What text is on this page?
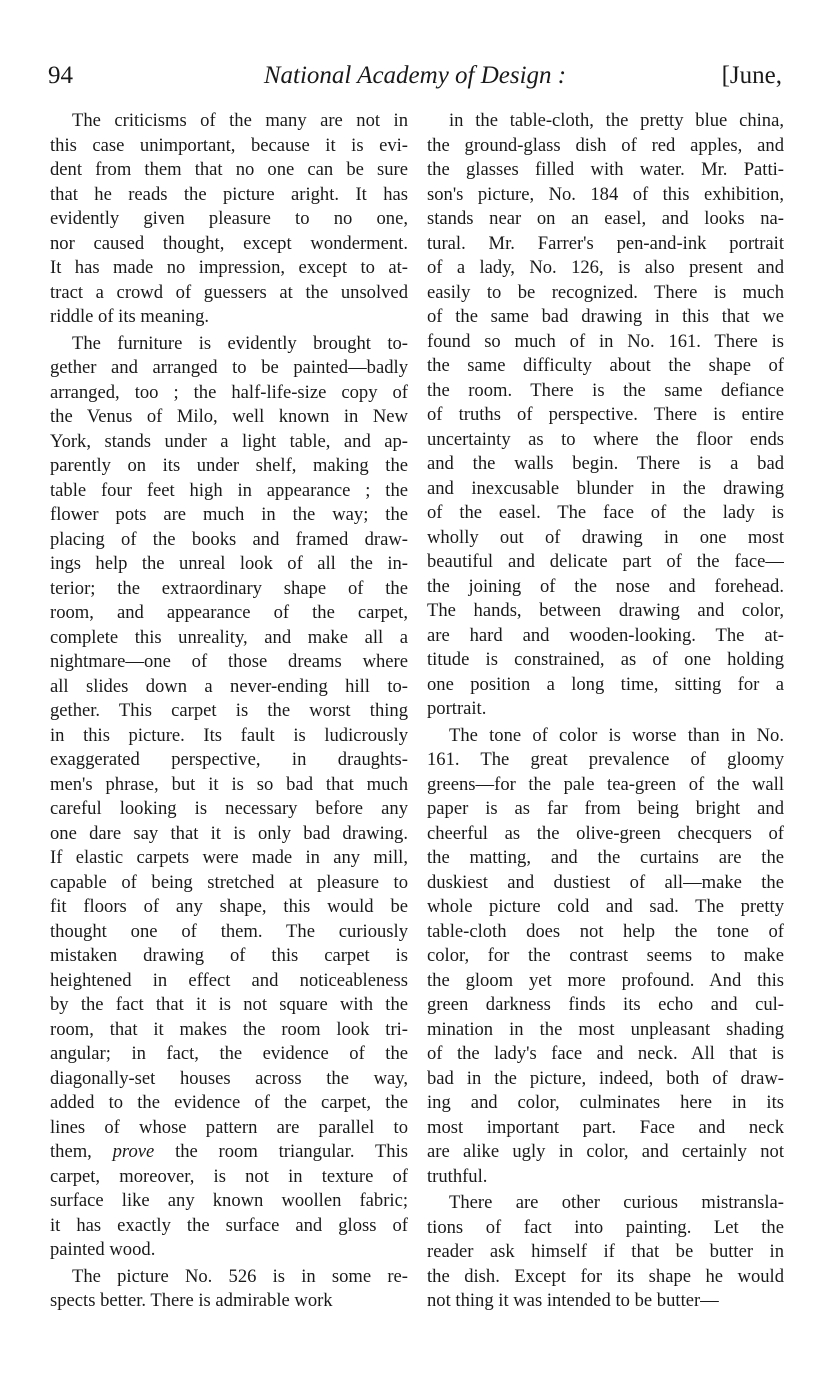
94	National Academy of Design :	[June,
The criticisms of the many are not in
this case unimportant, because it is evi-
dent from them that no one can be sure
that he reads the picture aright. It has
evidently given pleasure to no one,
nor caused thought, except wonderment.
It has made no impression, except to at-
tract a crowd of guessers at the unsolved
riddle of its meaning.
The furniture is evidently brought to-
gether and arranged to be painted—badly
arranged, too ; the half-life-size copy of
the Venus of Milo, well known in New
York, stands under a light table, and ap-
parently on its under shelf, making the
table four feet high in appearance ; the
flower pots are much in the way; the
placing of the books and framed draw-
ings help the unreal look of all the in-
terior; the extraordinary shape of the
room, and appearance of the carpet,
complete this unreality, and make all a
nightmare—one of those dreams where
all slides down a never-ending hill to-
gether. This carpet is the worst thing
in this picture. Its fault is ludicrously
exaggerated perspective, in draughts-
men's phrase, but it is so bad that much
careful looking is necessary before any
one dare say that it is only bad drawing.
If elastic carpets were made in any mill,
capable of being stretched at pleasure to
fit floors of any shape, this would be
thought one of them. The curiously
mistaken drawing of this carpet is
heightened in effect and noticeableness
by the fact that it is not square with the
room, that it makes the room look tri-
angular; in fact, the evidence of the
diagonally-set houses across the way,
added to the evidence of the carpet, the
lines of whose pattern are parallel to
them, prove the room triangular. This
carpet, moreover, is not in texture of
surface like any known woollen fabric;
it has exactly the surface and gloss of
painted wood.
The picture No. 526 is in some re-
spects better. There is admirable work
in the table-cloth, the pretty blue china,
the ground-glass dish of red apples, and
the glasses filled with water. Mr. Patti-
son's picture, No. 184 of this exhibition,
stands near on an easel, and looks na-
tural. Mr. Farrer's pen-and-ink portrait
of a lady, No. 126, is also present and
easily to be recognized. There is much
of the same bad drawing in this that we
found so much of in No. 161. There is
the same difficulty about the shape of
the room. There is the same defiance
of truths of perspective. There is entire
uncertainty as to where the floor ends
and the walls begin. There is a bad
and inexcusable blunder in the drawing
of the easel. The face of the lady is
wholly out of drawing in one most
beautiful and delicate part of the face—
the joining of the nose and forehead.
The hands, between drawing and color,
are hard and wooden-looking. The at-
titude is constrained, as of one holding
one position a long time, sitting for a
portrait.
The tone of color is worse than in No.
161. The great prevalence of gloomy
greens—for the pale tea-green of the wall
paper is as far from being bright and
cheerful as the olive-green checquers of
the matting, and the curtains are the
duskiest and dustiest of all—make the
whole picture cold and sad. The pretty
table-cloth does not help the tone of
color, for the contrast seems to make
the gloom yet more profound. And this
green darkness finds its echo and cul-
mination in the most unpleasant shading
of the lady's face and neck. All that is
bad in the picture, indeed, both of draw-
ing and color, culminates here in its
most important part. Face and neck
are alike ugly in color, and certainly not
truthful.
There are other curious mistransla-
tions of fact into painting. Let the
reader ask himself if that be butter in
the dish. Except for its shape he would
not thing it was intended to be butter—
